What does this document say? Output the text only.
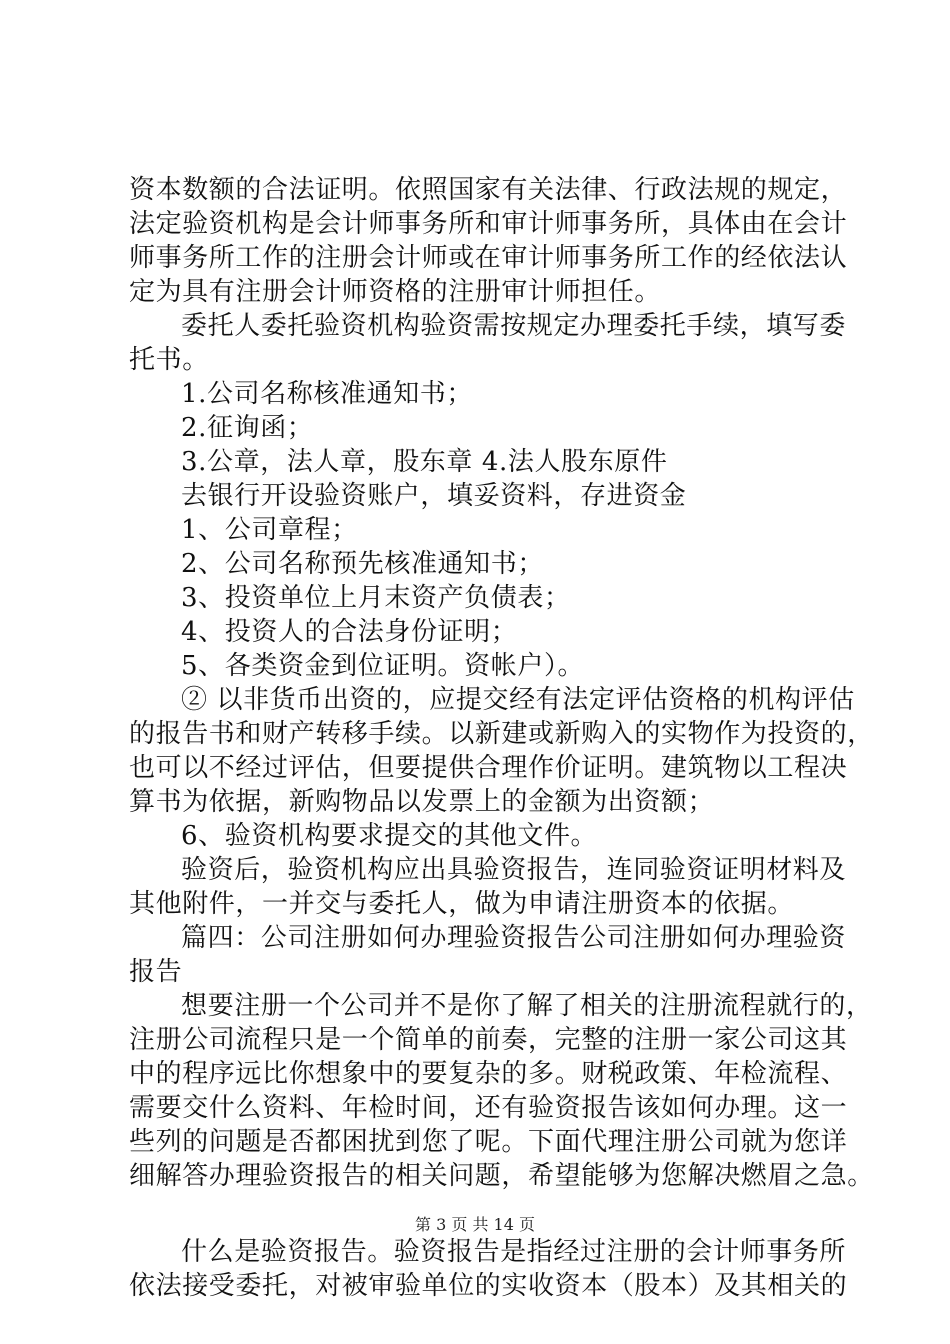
资本数额的合法证明。依照国家有关法律、行政法规的规定，
法定验资机构是会计师事务所和审计师事务所，具体由在会计
师事务所工作的注册会计师或在审计师事务所工作的经依法认
定为具有注册会计师资格的注册审计师担任。
委托人委托验资机构验资需按规定办理委托手续，填写委
托书。
1.公司名称核准通知书；
2.征询函；
3.公章，法人章，股东章 4.法人股东原件
去银行开设验资账户，填妥资料，存进资金
1、公司章程；
2、公司名称预先核准通知书；
3、投资单位上月末资产负债表；
4、投资人的合法身份证明；
5、各类资金到位证明。资帐户）。
② 以非货币出资的，应提交经有法定评估资格的机构评估
的报告书和财产转移手续。以新建或新购入的实物作为投资的，
也可以不经过评估，但要提供合理作价证明。建筑物以工程决
算书为依据，新购物品以发票上的金额为出资额；
6、验资机构要求提交的其他文件。
验资后，验资机构应出具验资报告，连同验资证明材料及
其他附件，一并交与委托人，做为申请注册资本的依据。
篇四：公司注册如何办理验资报告公司注册如何办理验资
报告
想要注册一个公司并不是你了解了相关的注册流程就行的，
注册公司流程只是一个简单的前奏，完整的注册一家公司这其
中的程序远比你想象中的要复杂的多。财税政策、年检流程、
需要交什么资料、年检时间，还有验资报告该如何办理。这一
些列的问题是否都困扰到您了呢。下面代理注册公司就为您详
细解答办理验资报告的相关问题，希望能够为您解决燃眉之急。
什么是验资报告。验资报告是指经过注册的会计师事务所
依法接受委托，对被审验单位的实收资本（股本）及其相关的
第 3 页 共 14 页
